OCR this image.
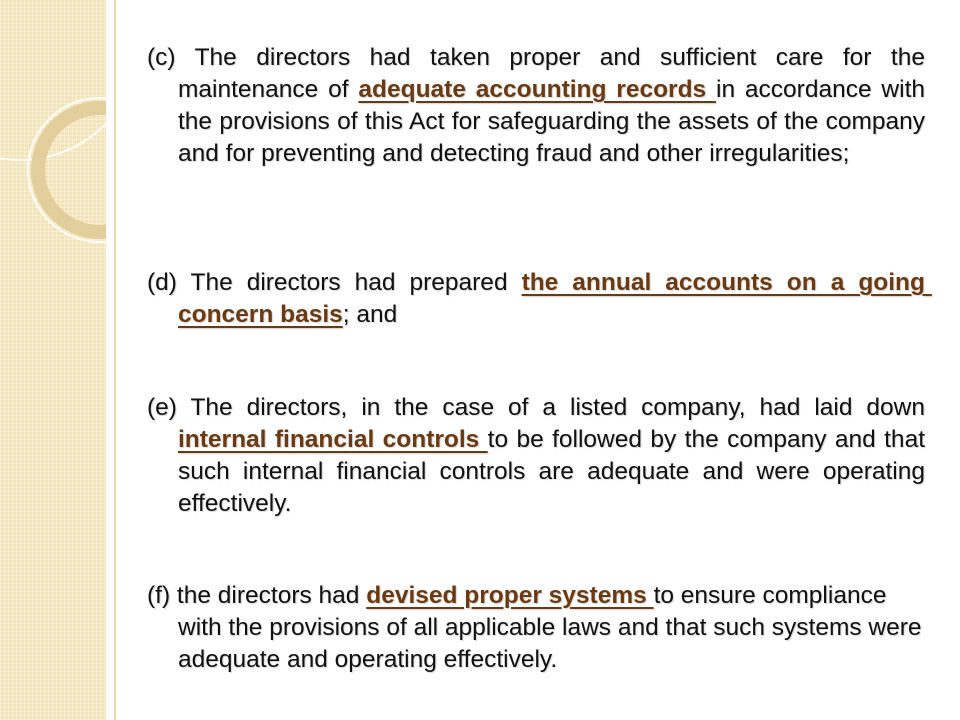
(c) The directors had taken proper and sufficient care for the maintenance of adequate accounting records in accordance with the provisions of this Act for safeguarding the assets of the company and for preventing and detecting fraud and other irregularities;
(d) The directors had prepared the annual accounts on a going concern basis; and
(e) The directors, in the case of a listed company, had laid down internal financial controls to be followed by the company and that such internal financial controls are adequate and were operating effectively.
(f) the directors had devised proper systems to ensure compliance with the provisions of all applicable laws and that such systems were adequate and operating effectively.
